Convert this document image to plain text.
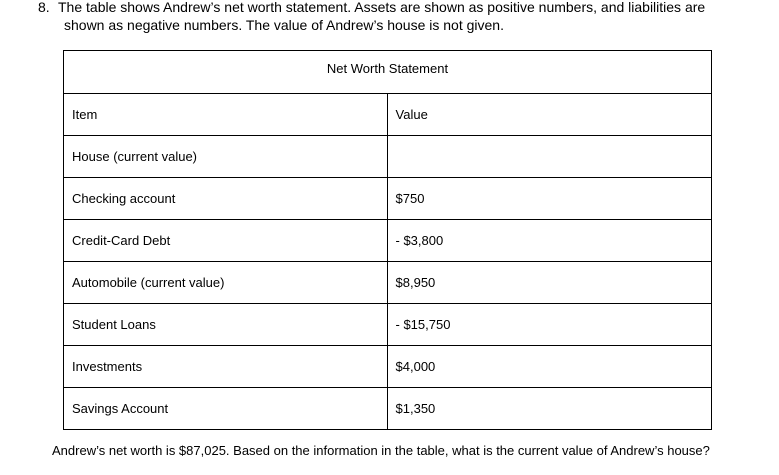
8. The table shows Andrew’s net worth statement. Assets are shown as positive numbers, and liabilities are
shown as negative numbers. The value of Andrew’s house is not given.
Net Worth Statement	
Item	Value
House (current value)	
Checking account	$750
Credit-Card Debt	- $3,800
Automobile (current value)	$8,950
Student Loans	- $15,750
Investments	$4,000
Savings Account	$1,350
Andrew’s net worth is $87,025. Based on the information in the table, what is the current value of Andrew’s house?
